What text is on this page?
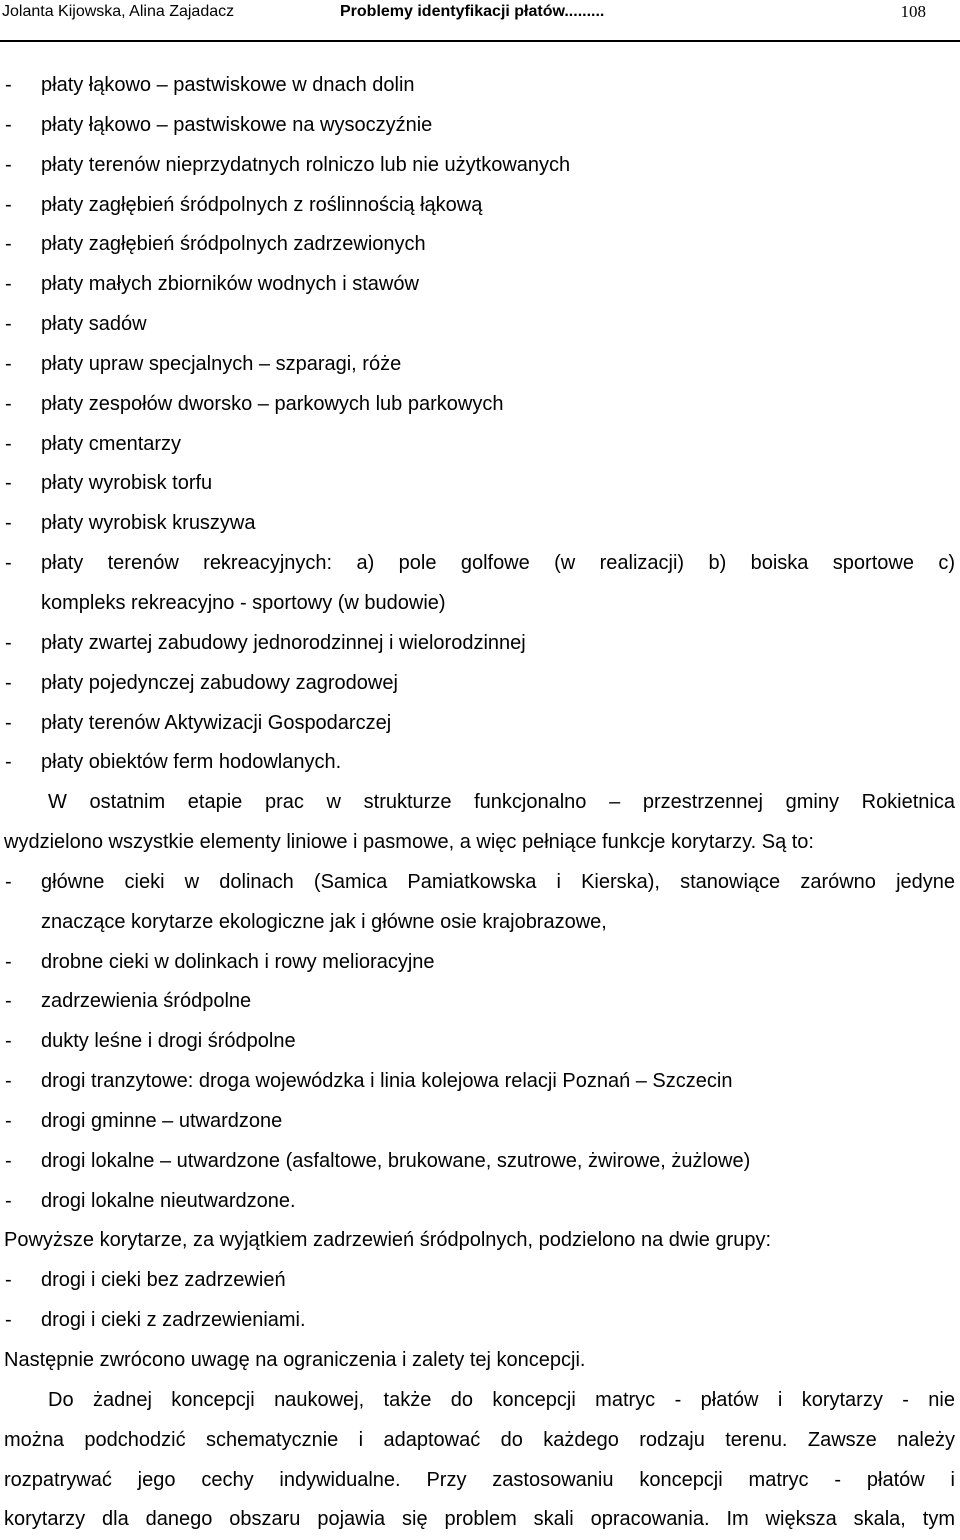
Jolanta Kijowska, Alina Zajadacz	Problemy identyfikacji płatów.........	108
- płaty łąkowo – pastwiskowe w dnach dolin
- płaty łąkowo – pastwiskowe na wysoczyźnie
- płaty terenów nieprzydatnych rolniczo lub nie użytkowanych
- płaty zagłębień śródpolnych z roślinnością łąkową
- płaty zagłębień śródpolnych zadrzewionych
- płaty małych zbiorników wodnych i stawów
- płaty sadów
- płaty upraw specjalnych – szparagi, róże
- płaty zespołów dworsko – parkowych lub parkowych
- płaty cmentarzy
- płaty wyrobisk torfu
- płaty wyrobisk kruszywa
- płaty terenów rekreacyjnych: a) pole golfowe (w realizacji) b) boiska sportowe c)
kompleks rekreacyjno - sportowy (w budowie)
- płaty zwartej zabudowy jednorodzinnej i wielorodzinnej
- płaty pojedynczej zabudowy zagrodowej
- płaty terenów Aktywizacji Gospodarczej
- płaty obiektów ferm hodowlanych.
W ostatnim etapie prac w strukturze funkcjonalno – przestrzennej gminy Rokietnica
wydzielono wszystkie elementy liniowe i pasmowe, a więc pełniące funkcje korytarzy. Są to:
- główne cieki w dolinach (Samica Pamiatkowska i Kierska), stanowiące zarówno jedyne
znaczące korytarze ekologiczne jak i główne osie krajobrazowe,
- drobne cieki w dolinkach i rowy melioracyjne
- zadrzewienia śródpolne
- dukty leśne i drogi śródpolne
- drogi tranzytowe: droga wojewódzka i linia kolejowa relacji Poznań – Szczecin
- drogi gminne – utwardzone
- drogi lokalne – utwardzone (asfaltowe, brukowane, szutrowe, żwirowe, żużlowe)
- drogi lokalne nieutwardzone.
Powyższe korytarze, za wyjątkiem zadrzewień śródpolnych, podzielono na dwie grupy:
- drogi i cieki bez zadrzewień
- drogi i cieki z zadrzewieniami.
Następnie zwrócono uwagę na ograniczenia i zalety tej koncepcji.
Do żadnej koncepcji naukowej, także do koncepcji matryc - płatów i korytarzy - nie
można podchodzić schematycznie i adaptować do każdego rodzaju terenu. Zawsze należy
rozpatrywać jego cechy indywidualne. Przy zastosowaniu koncepcji matryc - płatów i
korytarzy dla danego obszaru pojawia się problem skali opracowania. Im większa skala, tym
